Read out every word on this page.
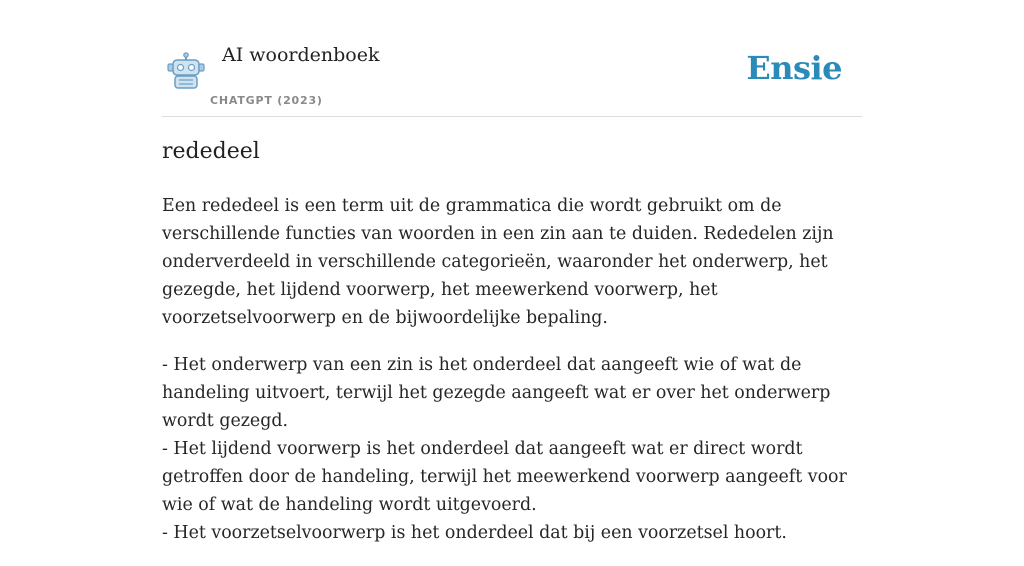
AI woordenboek
CHATGPT (2023)
Ensie
rededeel

Een rededeel is een term uit de grammatica die wordt gebruikt om de verschillende functies van woorden in een zin aan te duiden. Rededelen zijn onderverdeeld in verschillende categorieën, waaronder het onderwerp, het gezegde, het lijdend voorwerp, het meewerkend voorwerp, het voorzetselvoorwerp en de bijwoordelijke bepaling.

- Het onderwerp van een zin is het onderdeel dat aangeeft wie of wat de handeling uitvoert, terwijl het gezegde aangeeft wat er over het onderwerp wordt gezegd.
- Het lijdend voorwerp is het onderdeel dat aangeeft wat er direct wordt getroffen door de handeling, terwijl het meewerkend voorwerp aangeeft voor wie of wat de handeling wordt uitgevoerd.
- Het voorzetselvoorwerp is het onderdeel dat bij een voorzetsel hoort.
